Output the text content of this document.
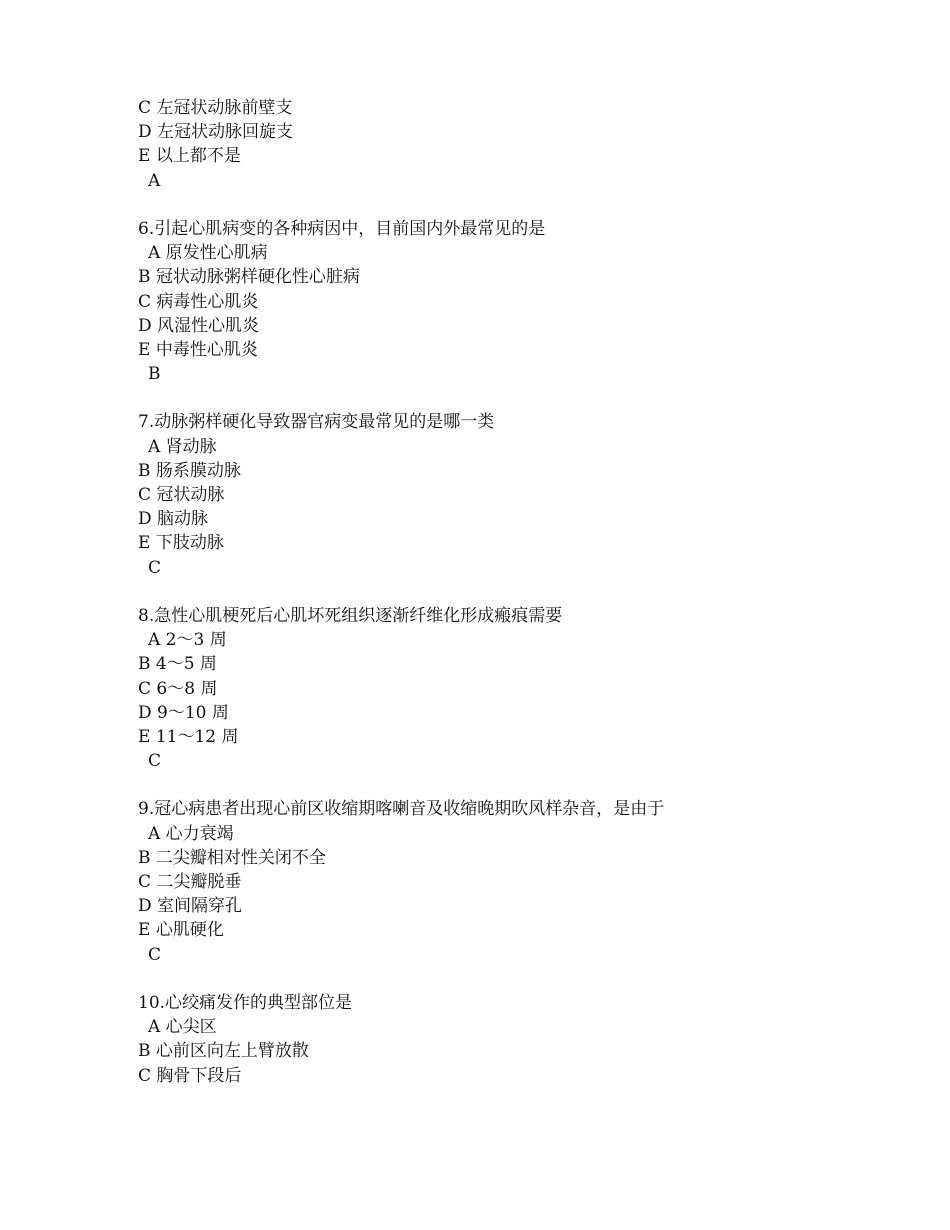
C 左冠状动脉前壁支
D 左冠状动脉回旋支
E 以上都不是
A
6.引起心肌病变的各种病因中，目前国内外最常见的是
A 原发性心肌病
B 冠状动脉粥样硬化性心脏病
C 病毒性心肌炎
D 风湿性心肌炎
E 中毒性心肌炎
B
7.动脉粥样硬化导致器官病变最常见的是哪一类
A 肾动脉
B 肠系膜动脉
C 冠状动脉
D 脑动脉
E 下肢动脉
C
8.急性心肌梗死后心肌坏死组织逐渐纤维化形成瘢痕需要
A 2～3 周
B 4～5 周
C 6～8 周
D 9～10 周
E 11～12 周
C
9.冠心病患者出现心前区收缩期喀喇音及收缩晚期吹风样杂音，是由于
A 心力衰竭
B 二尖瓣相对性关闭不全
C 二尖瓣脱垂
D 室间隔穿孔
E 心肌硬化
C
10.心绞痛发作的典型部位是
A 心尖区
B 心前区向左上臂放散
C 胸骨下段后
